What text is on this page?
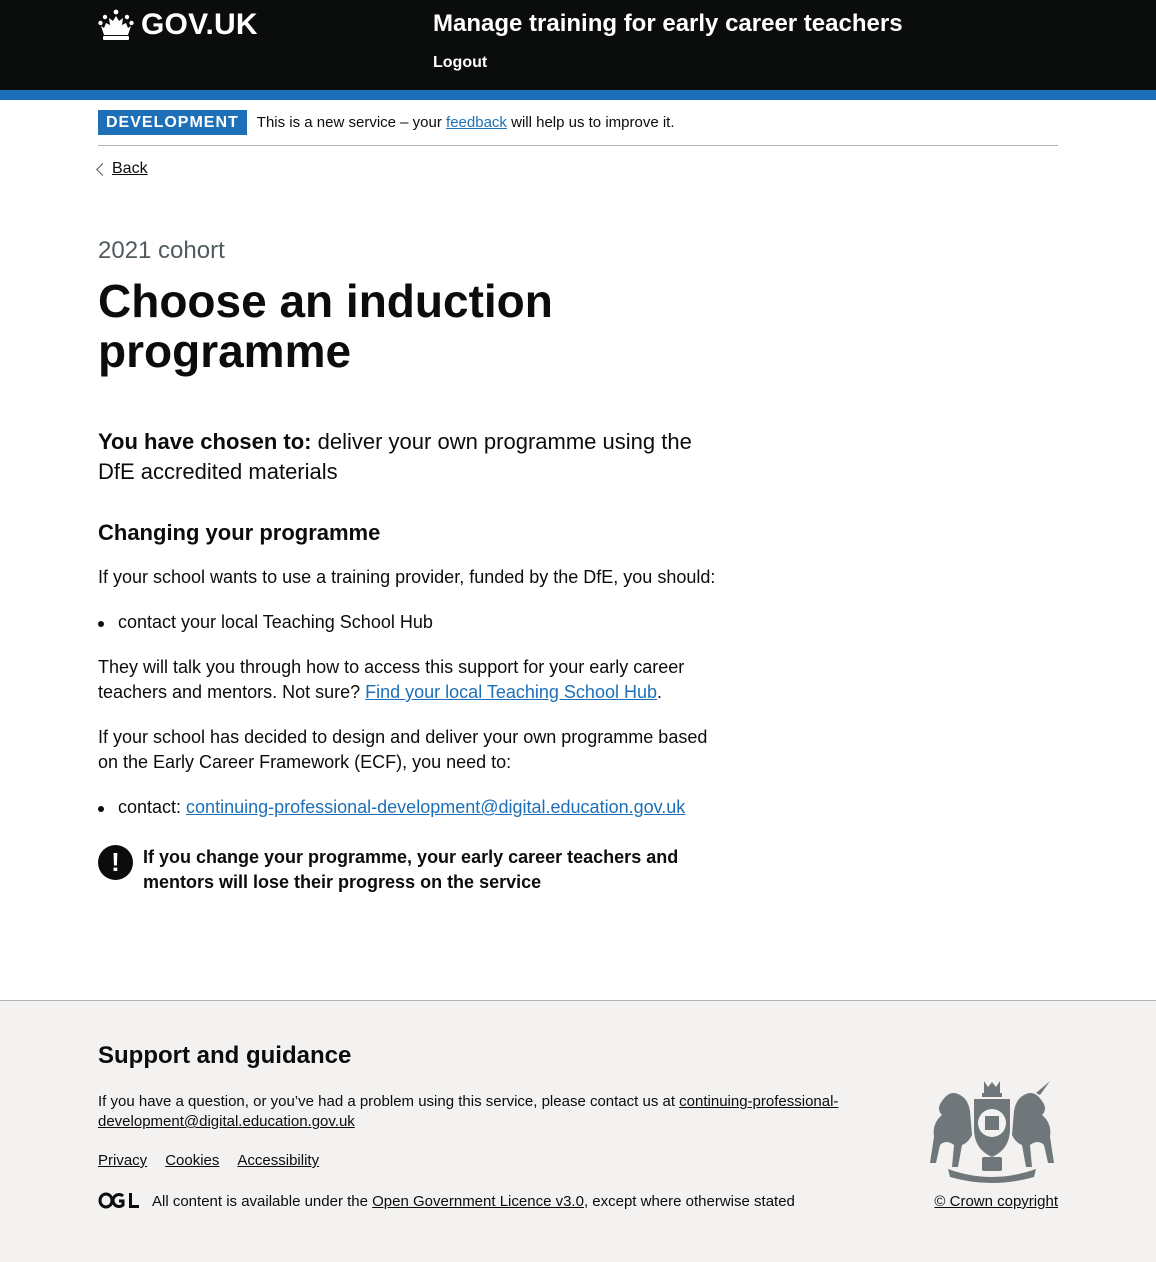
GOV.UK	Manage training for early career teachers
Logout
DEVELOPMENT	This is a new service – your feedback will help us to improve it.
Back
2021 cohort
Choose an induction programme

You have chosen to: deliver your own programme using the DfE accredited materials

Changing your programme

If your school wants to use a training provider, funded by the DfE, you should:

contact your local Teaching School Hub

They will talk you through how to access this support for your early career teachers and mentors. Not sure? Find your local Teaching School Hub.

If your school has decided to design and deliver your own programme based on the Early Career Framework (ECF), you need to:

contact: continuing-professional-development@digital.education.gov.uk
!	If you change your programme, your early career teachers and mentors will lose their progress on the service
Support and guidance

If you have a question, or you’ve had a problem using this service, please contact us at continuing-professional-development@digital.education.gov.uk

Privacy Cookies Accessibility

All content is available under the Open Government Licence v3.0, except where otherwise stated	© Crown copyright
